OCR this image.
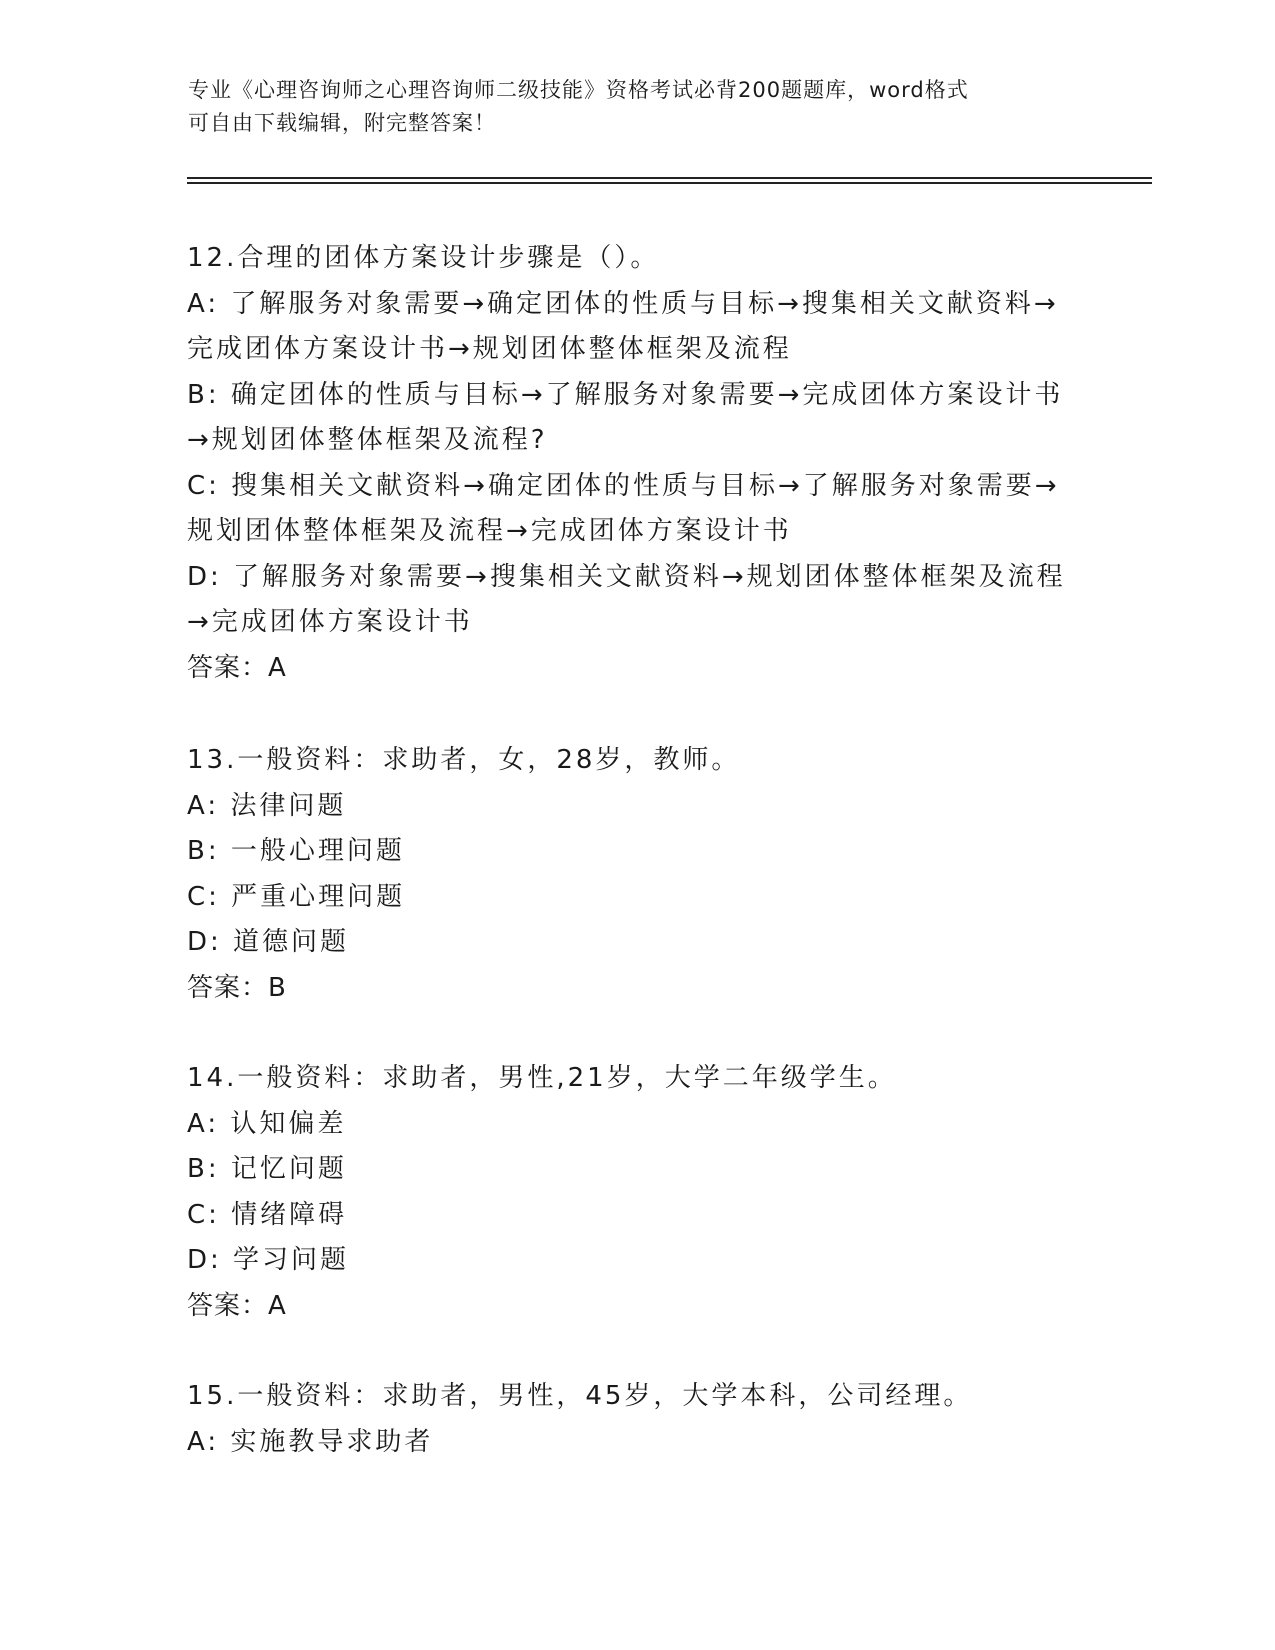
专业《心理咨询师之心理咨询师二级技能》资格考试必背200题题库，word格式
可自由下载编辑，附完整答案！
12.合理的团体方案设计步骤是（）。
A: 了解服务对象需要→确定团体的性质与目标→搜集相关文献资料→
完成团体方案设计书→规划团体整体框架及流程
B: 确定团体的性质与目标→了解服务对象需要→完成团体方案设计书
→规划团体整体框架及流程?
C: 搜集相关文献资料→确定团体的性质与目标→了解服务对象需要→
规划团体整体框架及流程→完成团体方案设计书
D: 了解服务对象需要→搜集相关文献资料→规划团体整体框架及流程
→完成团体方案设计书
答案：A
13.一般资料：求助者，女，28岁，教师。
A: 法律问题
B: 一般心理问题
C: 严重心理问题
D: 道德问题
答案：B
14.一般资料：求助者，男性,21岁，大学二年级学生。
A: 认知偏差
B: 记忆问题
C: 情绪障碍
D: 学习问题
答案：A
15.一般资料：求助者，男性，45岁，大学本科，公司经理。
A: 实施教导求助者
